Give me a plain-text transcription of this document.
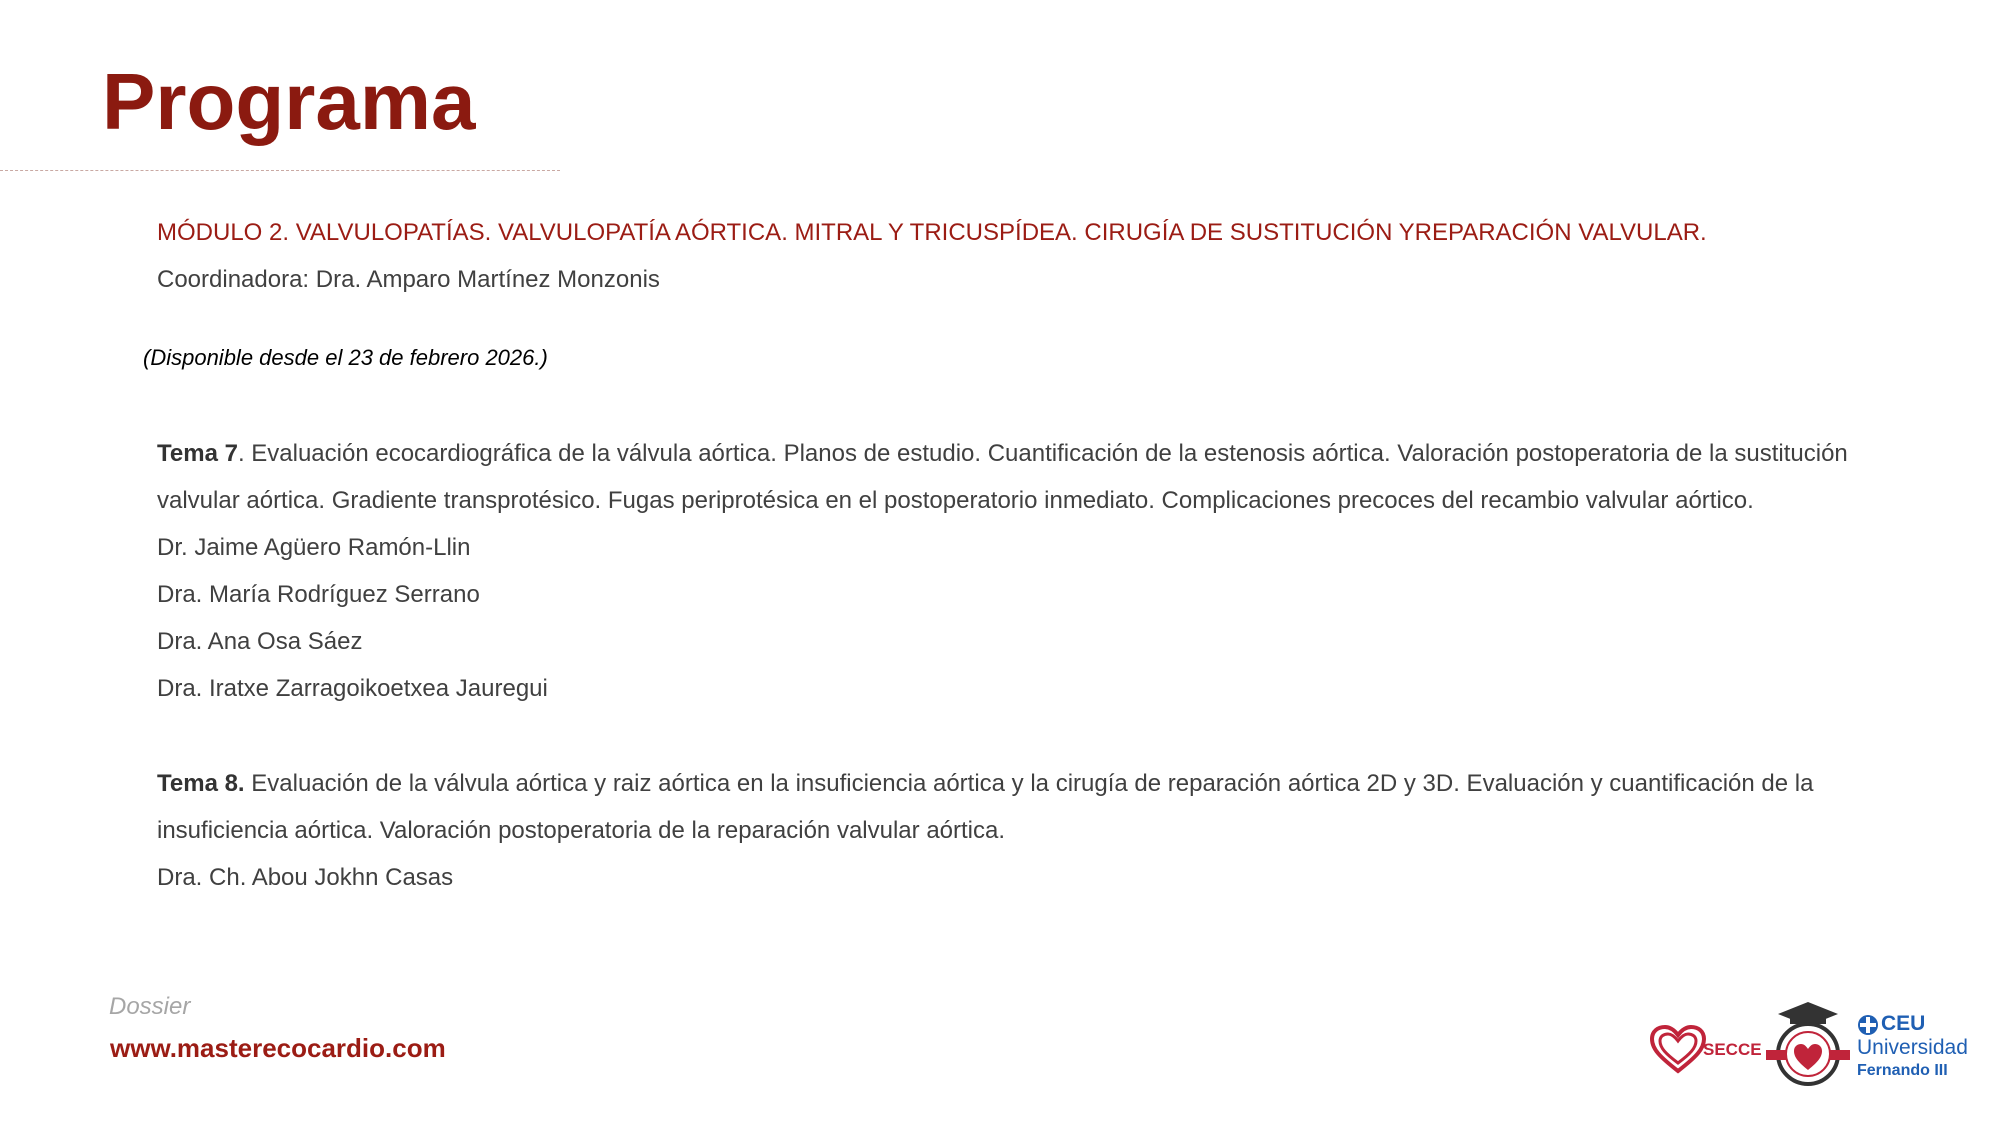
Programa
MÓDULO 2. VALVULOPATÍAS. VALVULOPATÍA AÓRTICA. MITRAL Y TRICUSPÍDEA. CIRUGÍA DE SUSTITUCIÓN YREPARACIÓN VALVULAR.
Coordinadora: Dra. Amparo Martínez Monzonis
(Disponible desde el 23 de febrero 2026.)
Tema 7. Evaluación ecocardiográfica de la válvula aórtica. Planos de estudio. Cuantificación de la estenosis aórtica. Valoración postoperatoria de la sustitución
valvular aórtica. Gradiente transprotésico. Fugas periprotésica en el postoperatorio inmediato. Complicaciones precoces del recambio valvular aórtico.
Dr. Jaime Agüero Ramón-Llin
Dra. María Rodríguez Serrano
Dra. Ana Osa Sáez
Dra. Iratxe Zarragoikoetxea Jauregui
Tema 8. Evaluación de la válvula aórtica y raiz aórtica en la insuficiencia aórtica y la cirugía de reparación aórtica 2D y 3D. Evaluación y cuantificación de la
insuficiencia aórtica. Valoración postoperatoria de la reparación valvular aórtica.
Dra. Ch. Abou Jokhn Casas
Dossier
www.masterecocardio.com	SECCE
CEU
Universidad
Fernando III
